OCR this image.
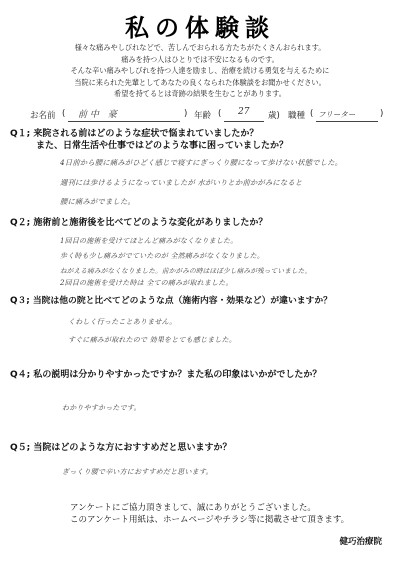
私の体験談
様々な痛みやしびれなどで、苦しんでおられる方たちがたくさんおられます。
痛みを持つ人はひとりでは不安になるものです。
そんな辛い痛みやしびれを持つ人達を励まし、治療を続ける勇気を与えるために
当院に来られた先輩としてあなたの良くなられた体験談をお聞かせください。
希望を持てるとは奇跡の結果を生むことがあります。
お名前 ( 前 中　豪	) 年齢 ( 27 歳) 職種 ( フリーター	)
Q１; 来院される前はどのような症状で悩まれていましたか？
また、日常生活や仕事ではどのような事に困っていましたか？
4日前から腰に痛みがひどく感じで寝すにぎっくり腰になって歩けない状態でした。
週刊には歩けるようになっていましたが 水がいりとか前かがみになると
腰に痛みがでました。
Q２; 施術前と施術後を比べてどのような変化がありましたか？
1回目の施術を受けてほとんど痛みがなくなりました。
歩く時も少し痛みがでていたのが 全然痛みがなくなりました。
ねがえる痛みがなくなりました。前かがみの時はほぼ少し痛みが残っていました。
2回目の施術を受けた時は 全ての痛みが取れました。
Q３; 当院は他の院と比べてどのような点（施術内容・効果など）が違いますか？
くわしく行ったことありません。
すぐに痛みが取れたので 効果をとても感じました。
Q４; 私の説明は分かりやすかったですか？また私の印象はいかがでしたか？
わかりやすかったです。
Q５; 当院はどのような方におすすめだと思いますか？
ぎっくり腰で辛い方におすすめだと思います。
アンケートにご協力頂きまして、誠にありがとうございました。
このアンケート用紙は、ホームページやチラシ等に掲載させて頂きます。
健巧治療院
